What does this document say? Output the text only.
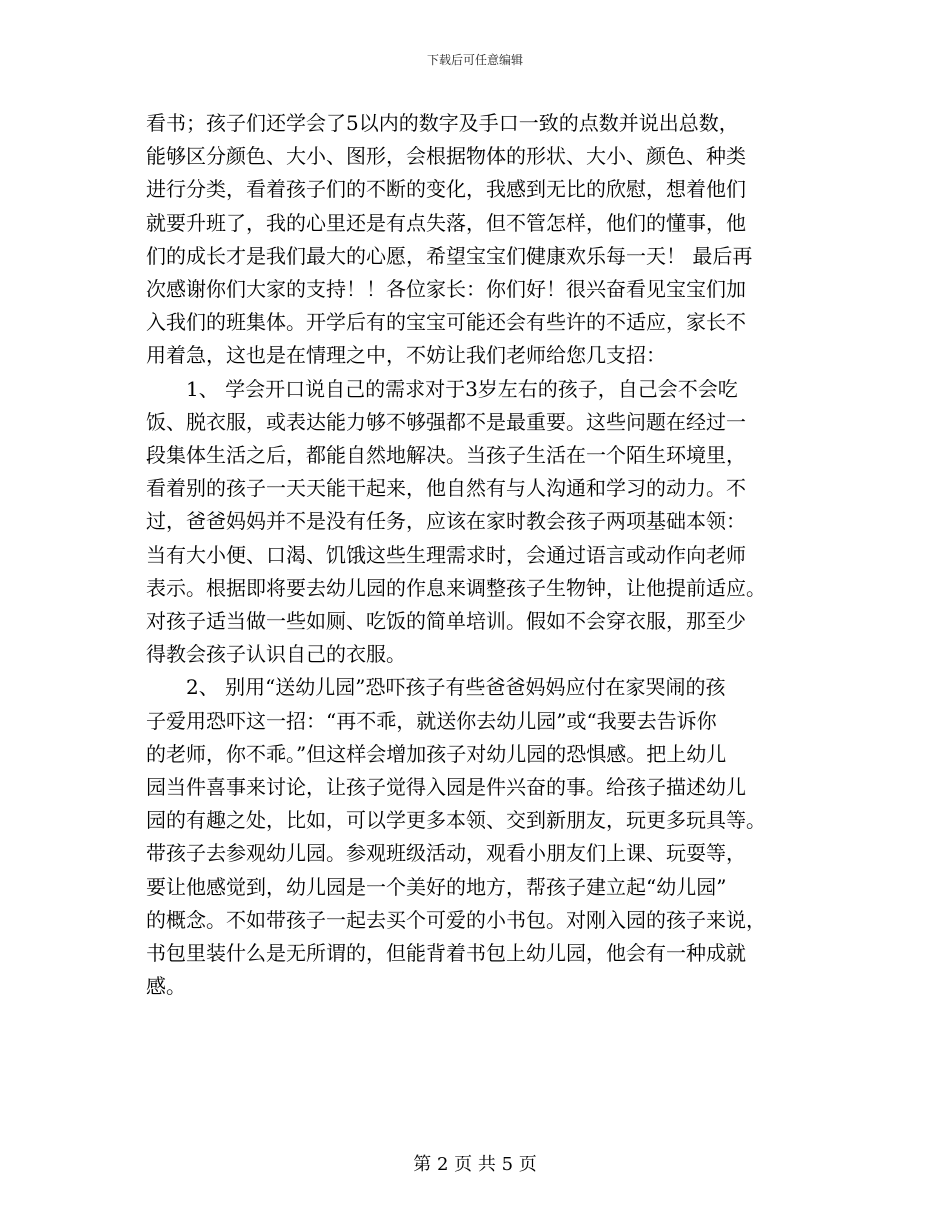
下载后可任意编辑
看书；孩子们还学会了5以内的数字及手口一致的点数并说出总数，
能够区分颜色、大小、图形，会根据物体的形状、大小、颜色、种类
进行分类，看着孩子们的不断的变化，我感到无比的欣慰，想着他们
就要升班了，我的心里还是有点失落，但不管怎样，他们的懂事，他
们的成长才是我们最大的心愿，希望宝宝们健康欢乐每一天！ 最后再
次感谢你们大家的支持！！各位家长：你们好！很兴奋看见宝宝们加
入我们的班集体。开学后有的宝宝可能还会有些许的不适应，家长不
用着急，这也是在情理之中，不妨让我们老师给您几支招：
1、 学会开口说自己的需求对于3岁左右的孩子，自己会不会吃
饭、脱衣服，或表达能力够不够强都不是最重要。这些问题在经过一
段集体生活之后，都能自然地解决。当孩子生活在一个陌生环境里，
看着别的孩子一天天能干起来，他自然有与人沟通和学习的动力。不
过，爸爸妈妈并不是没有任务，应该在家时教会孩子两项基础本领：
当有大小便、口渴、饥饿这些生理需求时，会通过语言或动作向老师
表示。根据即将要去幼儿园的作息来调整孩子生物钟，让他提前适应。
对孩子适当做一些如厕、吃饭的简单培训。假如不会穿衣服，那至少
得教会孩子认识自己的衣服。
2、 别用“送幼儿园”恐吓孩子有些爸爸妈妈应付在家哭闹的孩
子爱用恐吓这一招：“再不乖，就送你去幼儿园”或“我要去告诉你
的老师，你不乖。”但这样会增加孩子对幼儿园的恐惧感。把上幼儿
园当件喜事来讨论，让孩子觉得入园是件兴奋的事。给孩子描述幼儿
园的有趣之处，比如，可以学更多本领、交到新朋友，玩更多玩具等。
带孩子去参观幼儿园。参观班级活动，观看小朋友们上课、玩耍等，
要让他感觉到，幼儿园是一个美好的地方，帮孩子建立起“幼儿园”
的概念。不如带孩子一起去买个可爱的小书包。对刚入园的孩子来说，
书包里装什么是无所谓的，但能背着书包上幼儿园，他会有一种成就
感。
第 2 页 共 5 页
